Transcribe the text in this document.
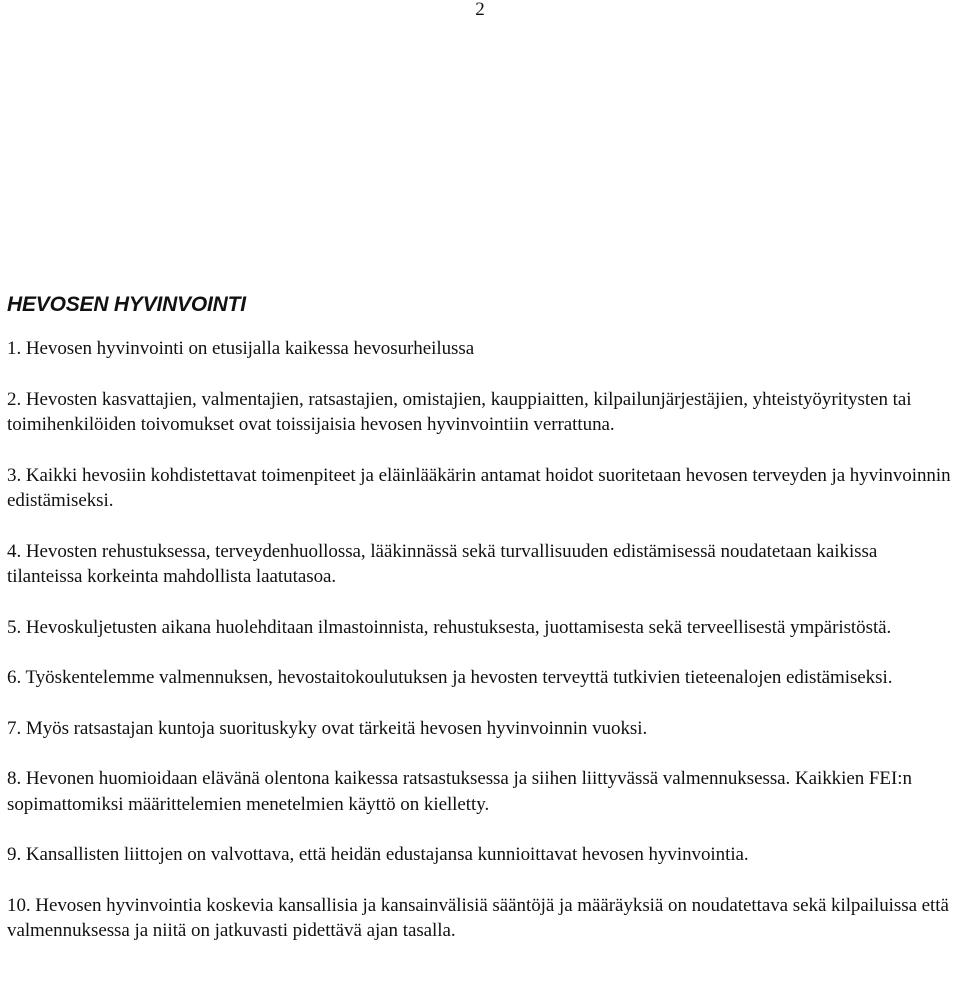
2
HEVOSEN HYVINVOINTI
1. Hevosen hyvinvointi on etusijalla kaikessa hevosurheilussa
2. Hevosten kasvattajien, valmentajien, ratsastajien, omistajien, kauppiaitten, kilpailunjärjestäjien, yhteistyöyritysten tai toimihenkilöiden toivomukset ovat toissijaisia hevosen hyvinvointiin verrattuna.
3. Kaikki hevosiin kohdistettavat toimenpiteet ja eläinlääkärin antamat hoidot suoritetaan hevosen terveyden ja hyvinvoinnin edistämiseksi.
4. Hevosten rehustuksessa, terveydenhuollossa, lääkinnässä sekä turvallisuuden edistämisessä noudatetaan kaikissa tilanteissa korkeinta mahdollista laatutasoa.
5. Hevoskuljetusten aikana huolehditaan ilmastoinnista, rehustuksesta, juottamisesta sekä terveellisestä ympäristöstä.
6. Työskentelemme valmennuksen, hevostaitokoulutuksen ja hevosten terveyttä tutkivien tieteenalojen edistämiseksi.
7. Myös ratsastajan kuntoja suorituskyky ovat tärkeitä hevosen hyvinvoinnin vuoksi.
8. Hevonen huomioidaan elävänä olentona kaikessa ratsastuksessa ja siihen liittyvässä valmennuksessa. Kaikkien FEI:n sopimattomiksi määrittelemien menetelmien käyttö on kielletty.
9. Kansallisten liittojen on valvottava, että heidän edustajansa kunnioittavat hevosen hyvinvointia.
10. Hevosen hyvinvointia koskevia kansallisia ja kansainvälisiä sääntöjä ja määräyksiä on noudatettava sekä kilpailuissa että valmennuksessa ja niitä on jatkuvasti pidettävä ajan tasalla.
